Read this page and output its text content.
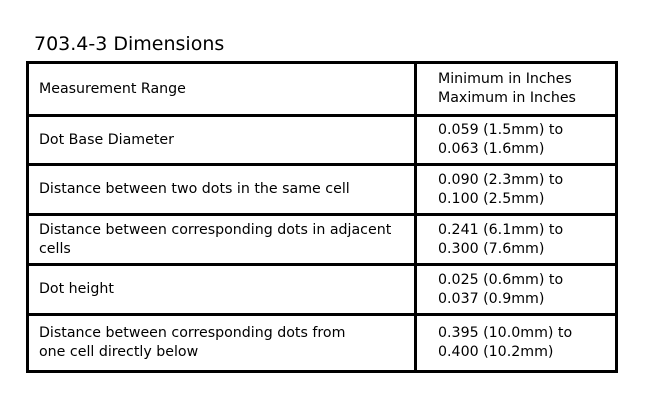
703.4-3 Dimensions
Measurement Range	Minimum in Inches
Maximum in Inches
Dot Base Diameter	0.059 (1.5mm) to
0.063 (1.6mm)
Distance between two dots in the same cell	0.090 (2.3mm) to
0.100 (2.5mm)
Distance between corresponding dots in adjacent
cells	0.241 (6.1mm) to
0.300 (7.6mm)
Dot height	0.025 (0.6mm) to
0.037 (0.9mm)
Distance between corresponding dots from
one cell directly below	0.395 (10.0mm) to
0.400 (10.2mm)
